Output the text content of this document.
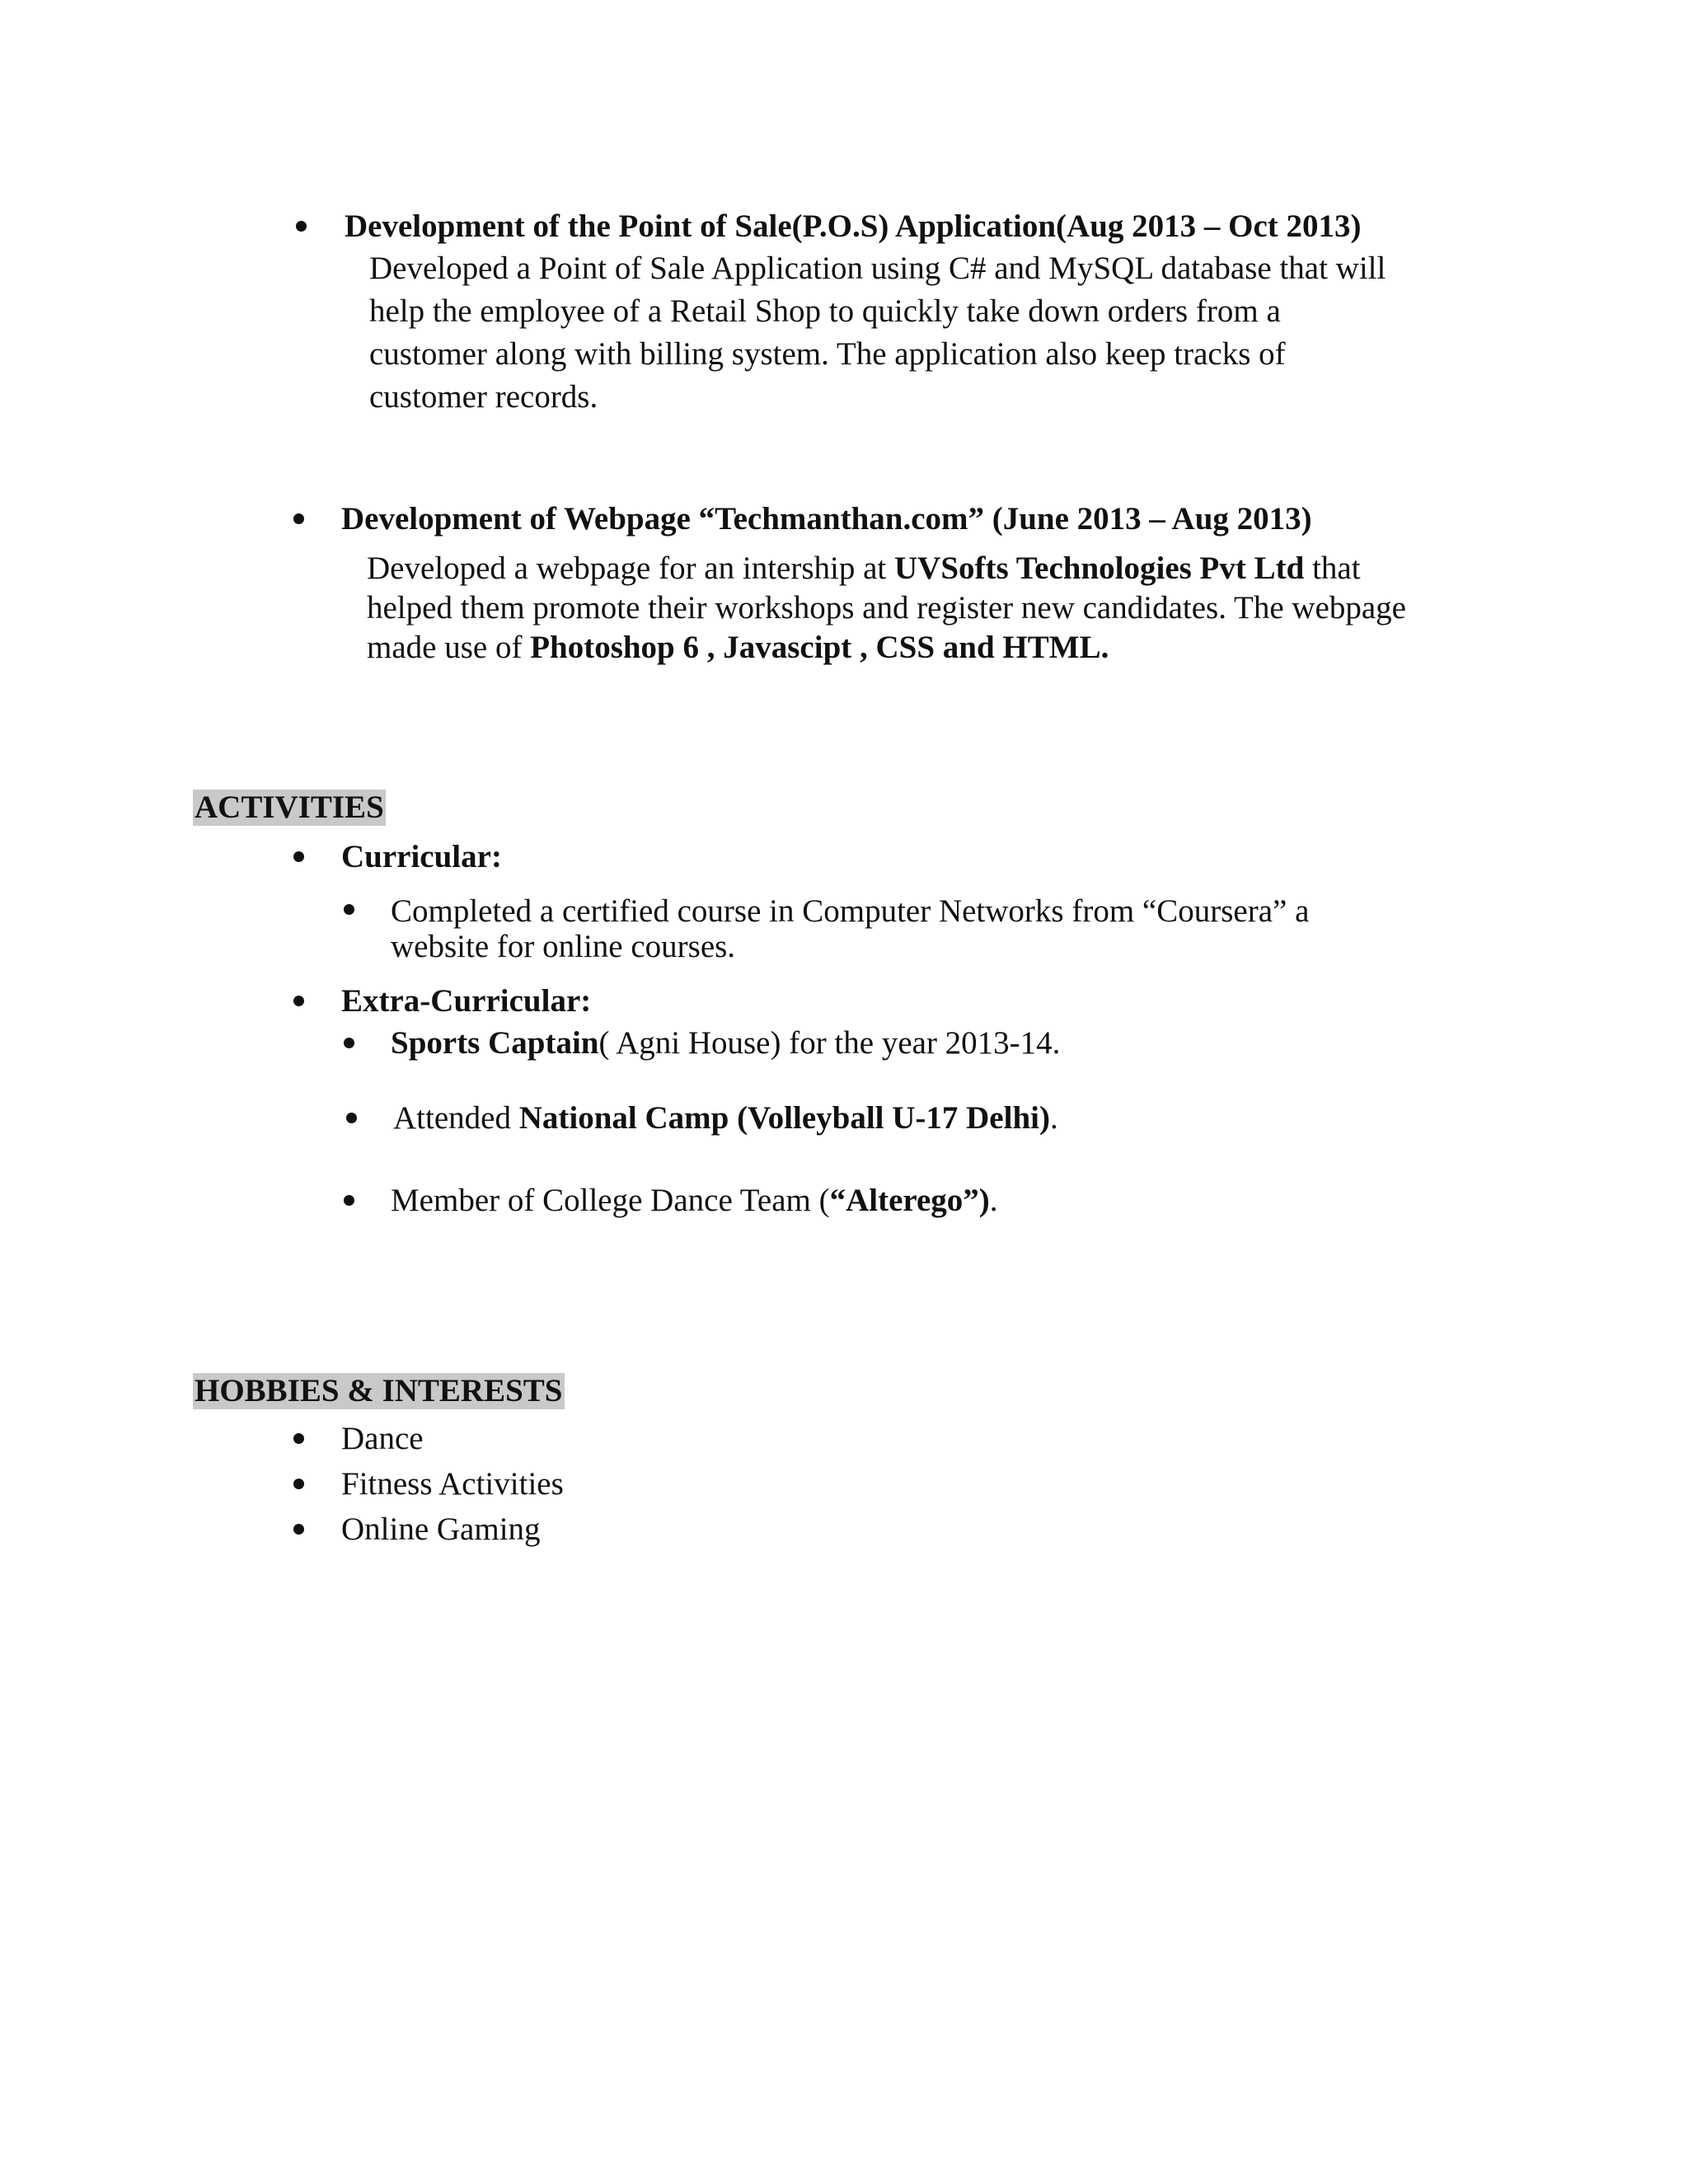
Development of the Point of Sale(P.O.S) Application(Aug 2013 – Oct 2013)
Developed a Point of Sale Application using C# and MySQL database that will
help the employee of a Retail Shop to quickly take down orders from a
customer along with billing system. The application also keep tracks of
customer records.
Development of Webpage “Techmanthan.com” (June 2013 – Aug 2013)
Developed a webpage for an intership at UVSofts Technologies Pvt Ltd that
helped them promote their workshops and register new candidates. The webpage
made use of Photoshop 6 , Javascipt , CSS and HTML.
ACTIVITIES
Curricular:
Completed a certified course in Computer Networks from “Coursera” a
website for online courses.
Extra-Curricular:
Sports Captain( Agni House) for the year 2013-14.
Attended National Camp (Volleyball U-17 Delhi).
Member of College Dance Team (“Alterego”).
HOBBIES & INTERESTS
Dance
Fitness Activities
Online Gaming
